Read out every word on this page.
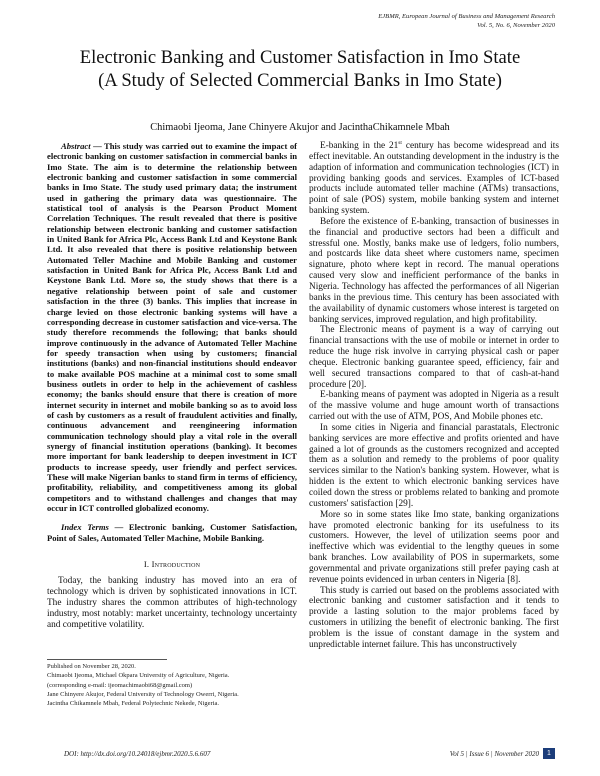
EJBMR, European Journal of Business and Management Research
Vol. 5, No. 6, November 2020
Electronic Banking and Customer Satisfaction in Imo State
(A Study of Selected Commercial Banks in Imo State)
Chimaobi Ijeoma, Jane Chinyere Akujor and JacinthaChikamnele Mbah

Abstract — This study was carried out to examine the impact of electronic banking on customer satisfaction in commercial banks in Imo State. The aim is to determine the relationship between electronic banking and customer satisfaction in some commercial banks in Imo State. The study used primary data; the instrument used in gathering the primary data was questionnaire. The statistical tool of analysis is the Pearson Product Moment Correlation Techniques. The result revealed that there is positive relationship between electronic banking and customer satisfaction in United Bank for Africa Plc, Access Bank Ltd and Keystone Bank Ltd. It also revealed that there is positive relationship between Automated Teller Machine and Mobile Banking and customer satisfaction in United Bank for Africa Plc, Access Bank Ltd and Keystone Bank Ltd. More so, the study shows that there is a negative relationship between point of sale and customer satisfaction in the three (3) banks. This implies that increase in charge levied on those electronic banking systems will have a corresponding decrease in customer satisfaction and vice-versa. The study therefore recommends the following; that banks should improve continuously in the advance of Automated Teller Machine for speedy transaction when using by customers; financial institutions (banks) and non-financial institutions should endeavor to make available POS machine at a minimal cost to some small business outlets in order to help in the achievement of cashless economy; the banks should ensure that there is creation of more internet security in internet and mobile banking so as to avoid loss of cash by customers as a result of fraudulent activities and finally, continuous advancement and reengineering information communication technology should play a vital role in the overall synergy of financial institution operations (banking). It becomes more important for bank leadership to deepen investment in ICT products to increase speedy, user friendly and perfect services. These will make Nigerian banks to stand firm in terms of efficiency, profitability, reliability, and competitiveness among its global competitors and to withstand challenges and changes that may occur in ICT controlled globalized economy.

Index Terms — Electronic banking, Customer Satisfaction, Point of Sales, Automated Teller Machine, Mobile Banking.

I. Introduction

Today, the banking industry has moved into an era of technology which is driven by sophisticated innovations in ICT. The industry shares the common attributes of high-technology industry, most notably: market uncertainty, technology uncertainty and competitive volatility.

Published on November 28, 2020.
Chimaobi Ijeoma, Michael Okpara University of Agriculture, Nigeria.
(corresponding e-mail: ijeomachimaobi68@gmail.com)
Jane Chinyere Akujor, Federal University of Technology Owerri, Nigeria.
Jacintha Chikamnele Mbah, Federal Polytechnic Nekede, Nigeria.

E-banking in the 21st century has become widespread and its effect inevitable. An outstanding development in the industry is the adaption of information and communication technologies (ICT) in providing banking goods and services. Examples of ICT-based products include automated teller machine (ATMs) transactions, point of sale (POS) system, mobile banking system and internet banking system.

Before the existence of E-banking, transaction of businesses in the financial and productive sectors had been a difficult and stressful one. Mostly, banks make use of ledgers, folio numbers, and postcards like data sheet where customers name, specimen signature, photo where kept in record. The manual operations caused very slow and inefficient performance of the banks in Nigeria. Technology has affected the performances of all Nigerian banks in the previous time. This century has been associated with the availability of dynamic customers whose interest is targeted on banking services, improved regulation, and high profitability.

The Electronic means of payment is a way of carrying out financial transactions with the use of mobile or internet in order to reduce the huge risk involve in carrying physical cash or paper cheque. Electronic banking guarantee speed, efficiency, fair and well secured transactions compared to that of cash-at-hand procedure [20].

E-banking means of payment was adopted in Nigeria as a result of the massive volume and huge amount worth of transactions carried out with the use of ATM, POS, And Mobile phones etc.

In some cities in Nigeria and financial parastatals, Electronic banking services are more effective and profits oriented and have gained a lot of grounds as the customers recognized and accepted them as a solution and remedy to the problems of poor quality services similar to the Nation's banking system. However, what is hidden is the extent to which electronic banking services have coiled down the stress or problems related to banking and promote customers' satisfaction [29].

More so in some states like Imo state, banking organizations have promoted electronic banking for its usefulness to its customers. However, the level of utilization seems poor and ineffective which was evidential to the lengthy queues in some bank branches. Low availability of POS in supermarkets, some governmental and private organizations still prefer paying cash at revenue points evidenced in urban centers in Nigeria [8].

This study is carried out based on the problems associated with electronic banking and customer satisfaction and it tends to provide a lasting solution to the major problems faced by customers in utilizing the benefit of electronic banking. The first problem is the issue of constant damage in the system and unpredictable internet failure. This has unconstructively

DOI: http://dx.doi.org/10.24018/ejbmr.2020.5.6.607	Vol 5 | Issue 6 | November 2020	1
